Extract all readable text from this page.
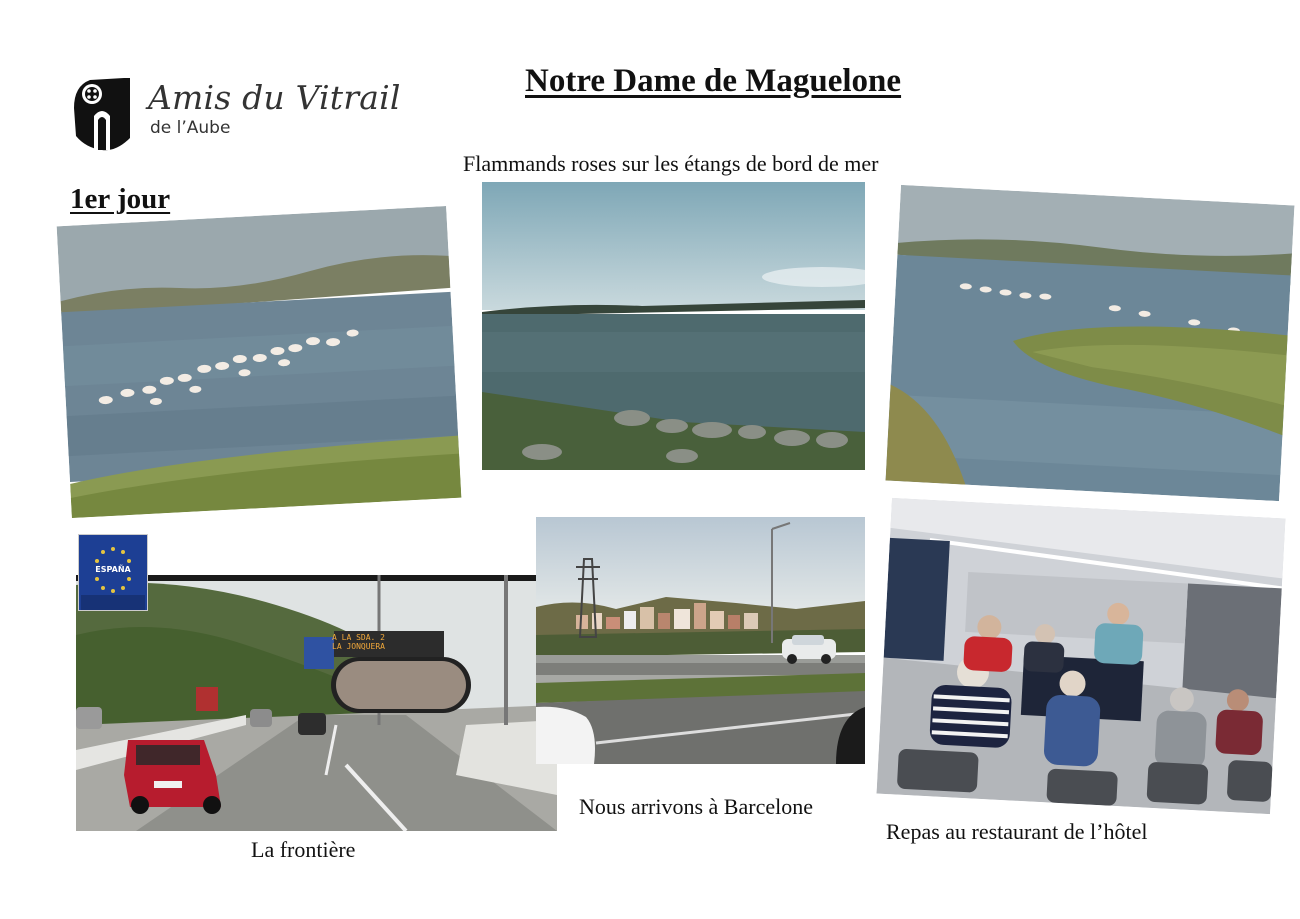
Amis du Vitrail
de l’Aube
Notre Dame de Maguelone
Flammands roses sur les étangs de bord de mer
1er jour
A LA SDA. 2
LA JONQUERA
ESPAÑA
La frontière
Nous arrivons à Barcelone
Repas au restaurant de l’hôtel
